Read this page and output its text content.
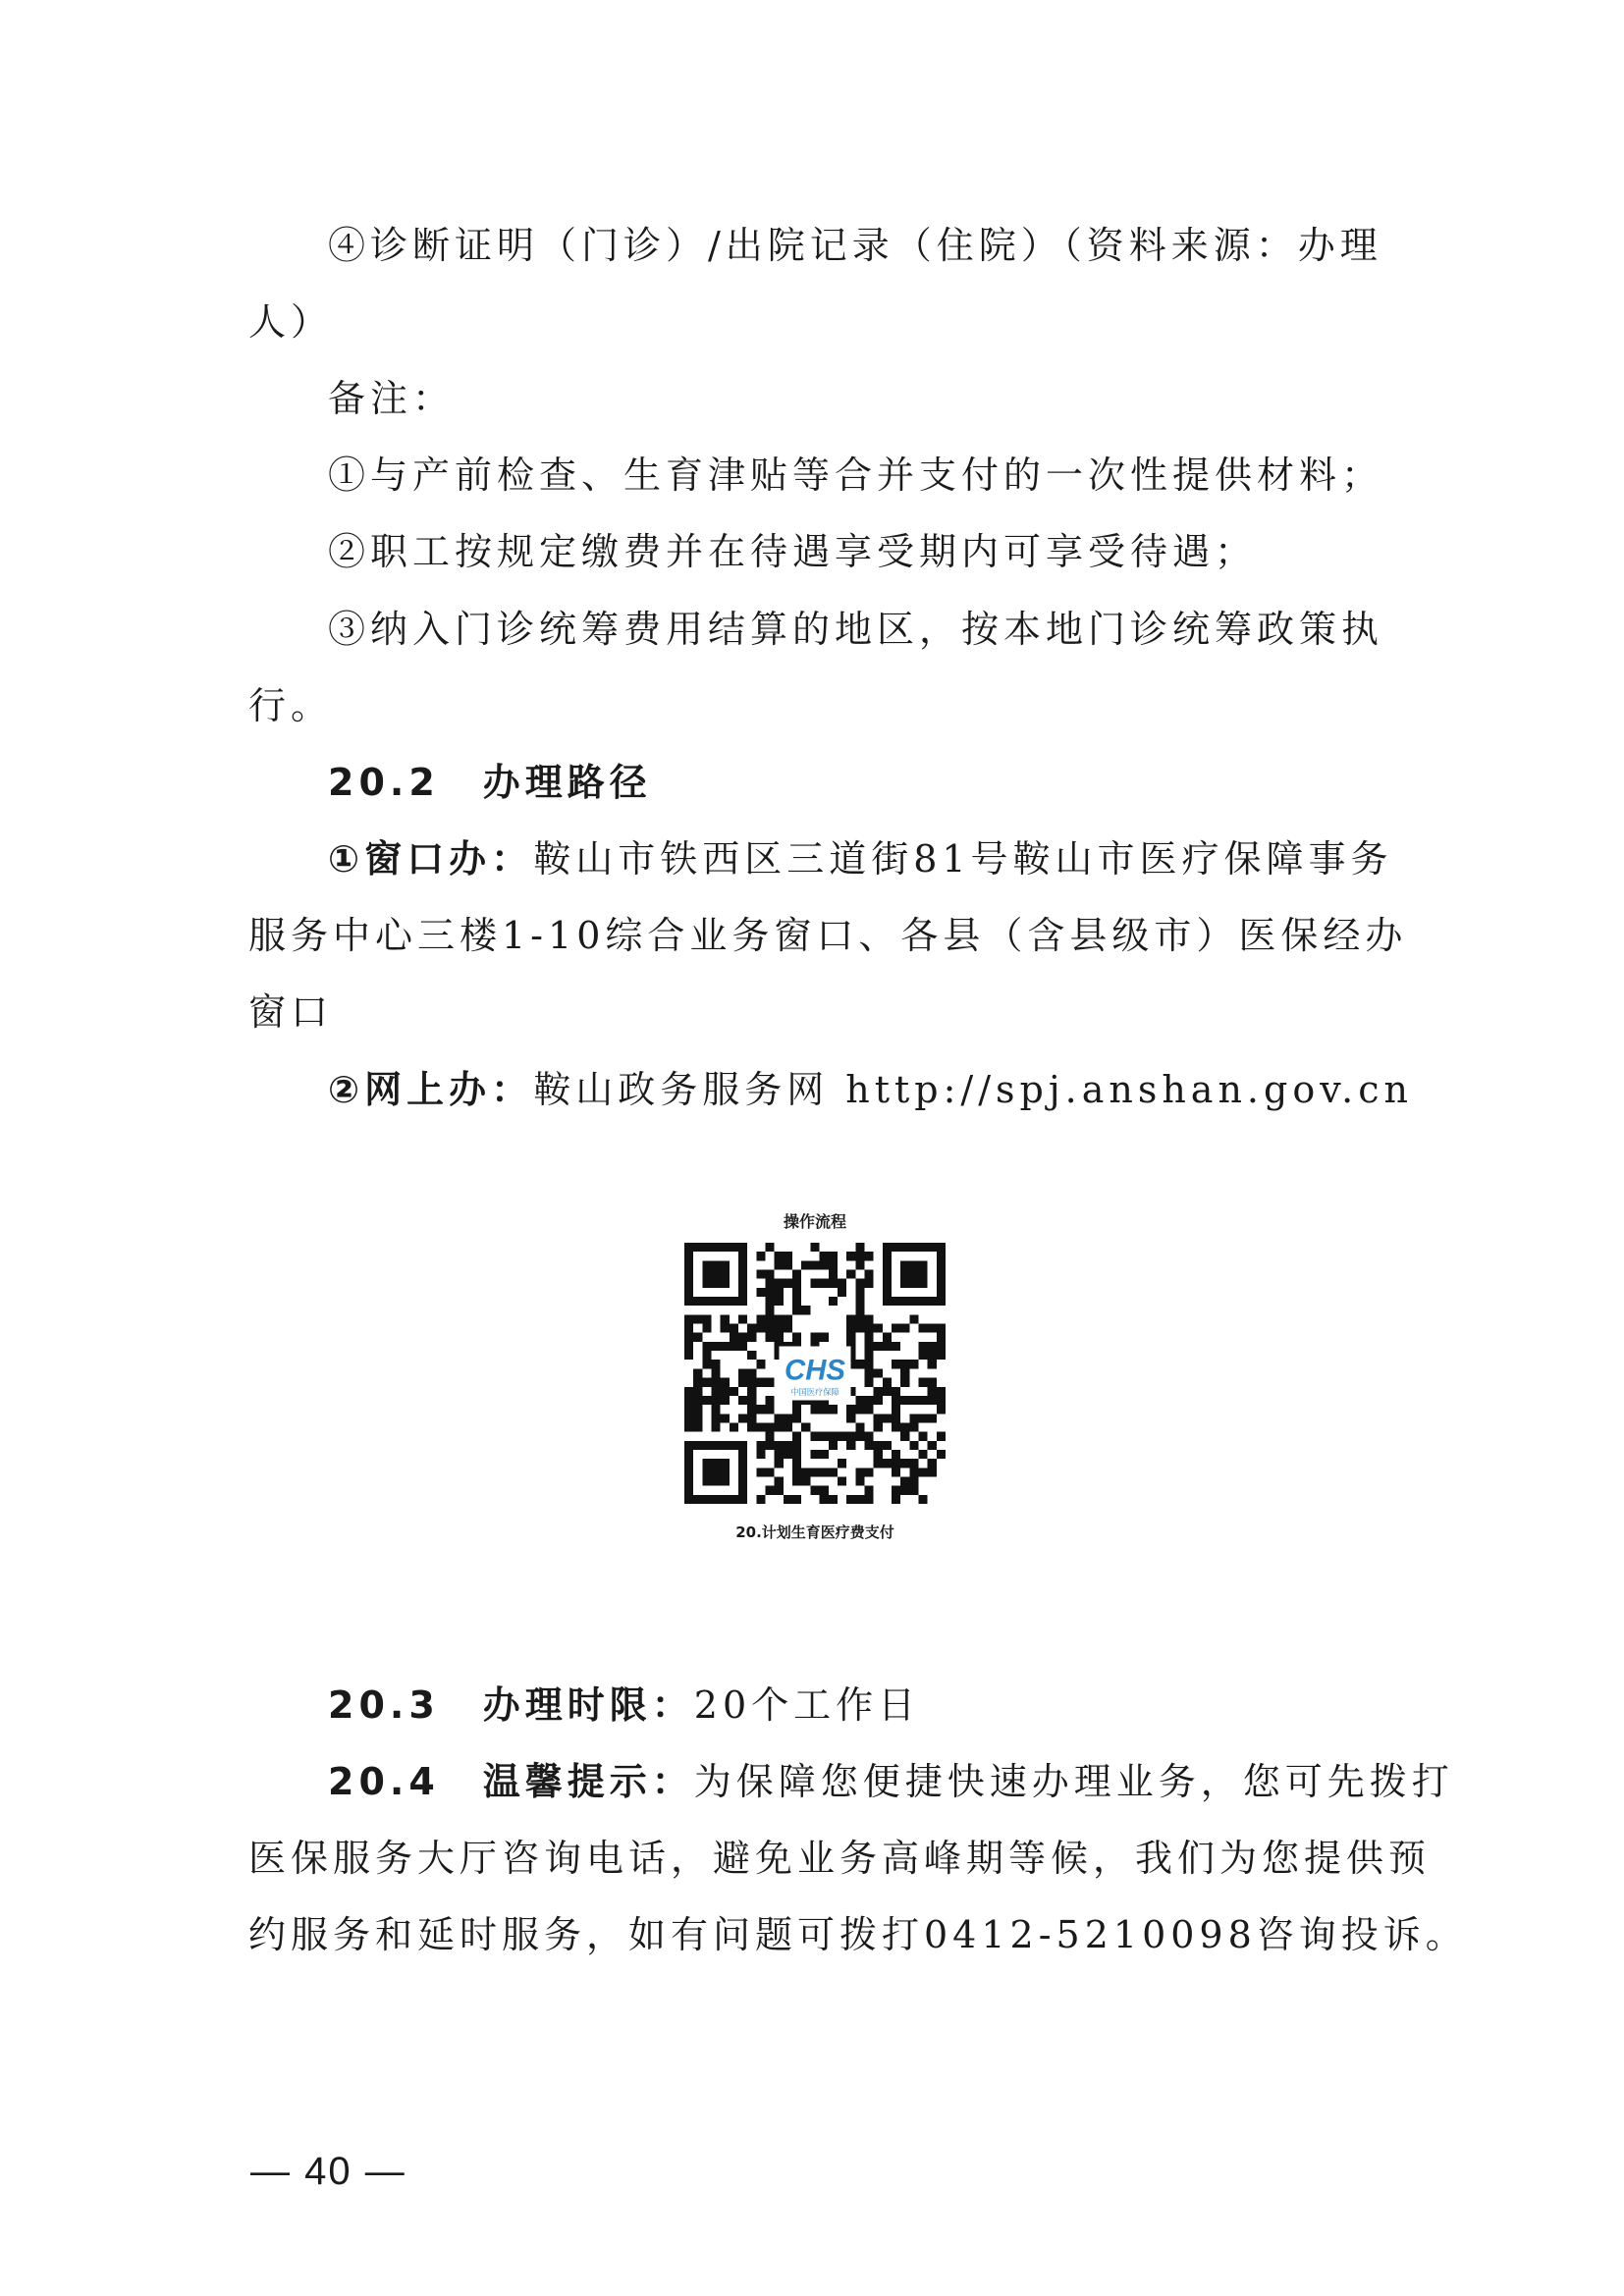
④诊断证明（门诊）/出院记录（住院）（资料来源：办理
人）
备注：
①与产前检查、生育津贴等合并支付的一次性提供材料；
②职工按规定缴费并在待遇享受期内可享受待遇；
③纳入门诊统筹费用结算的地区，按本地门诊统筹政策执
行。
20.2 办理路径
①窗口办：鞍山市铁西区三道街81号鞍山市医疗保障事务
服务中心三楼1-10综合业务窗口、各县（含县级市）医保经办
窗口
②网上办：鞍山政务服务网 http://spj.anshan.gov.cn
操作流程
CHS
20.计划生育医疗费支付
20.3 办理时限：20个工作日
20.4 温馨提示：为保障您便捷快速办理业务，您可先拨打
医保服务大厅咨询电话，避免业务高峰期等候，我们为您提供预
约服务和延时服务，如有问题可拨打0412-5210098咨询投诉。
— 40 —
